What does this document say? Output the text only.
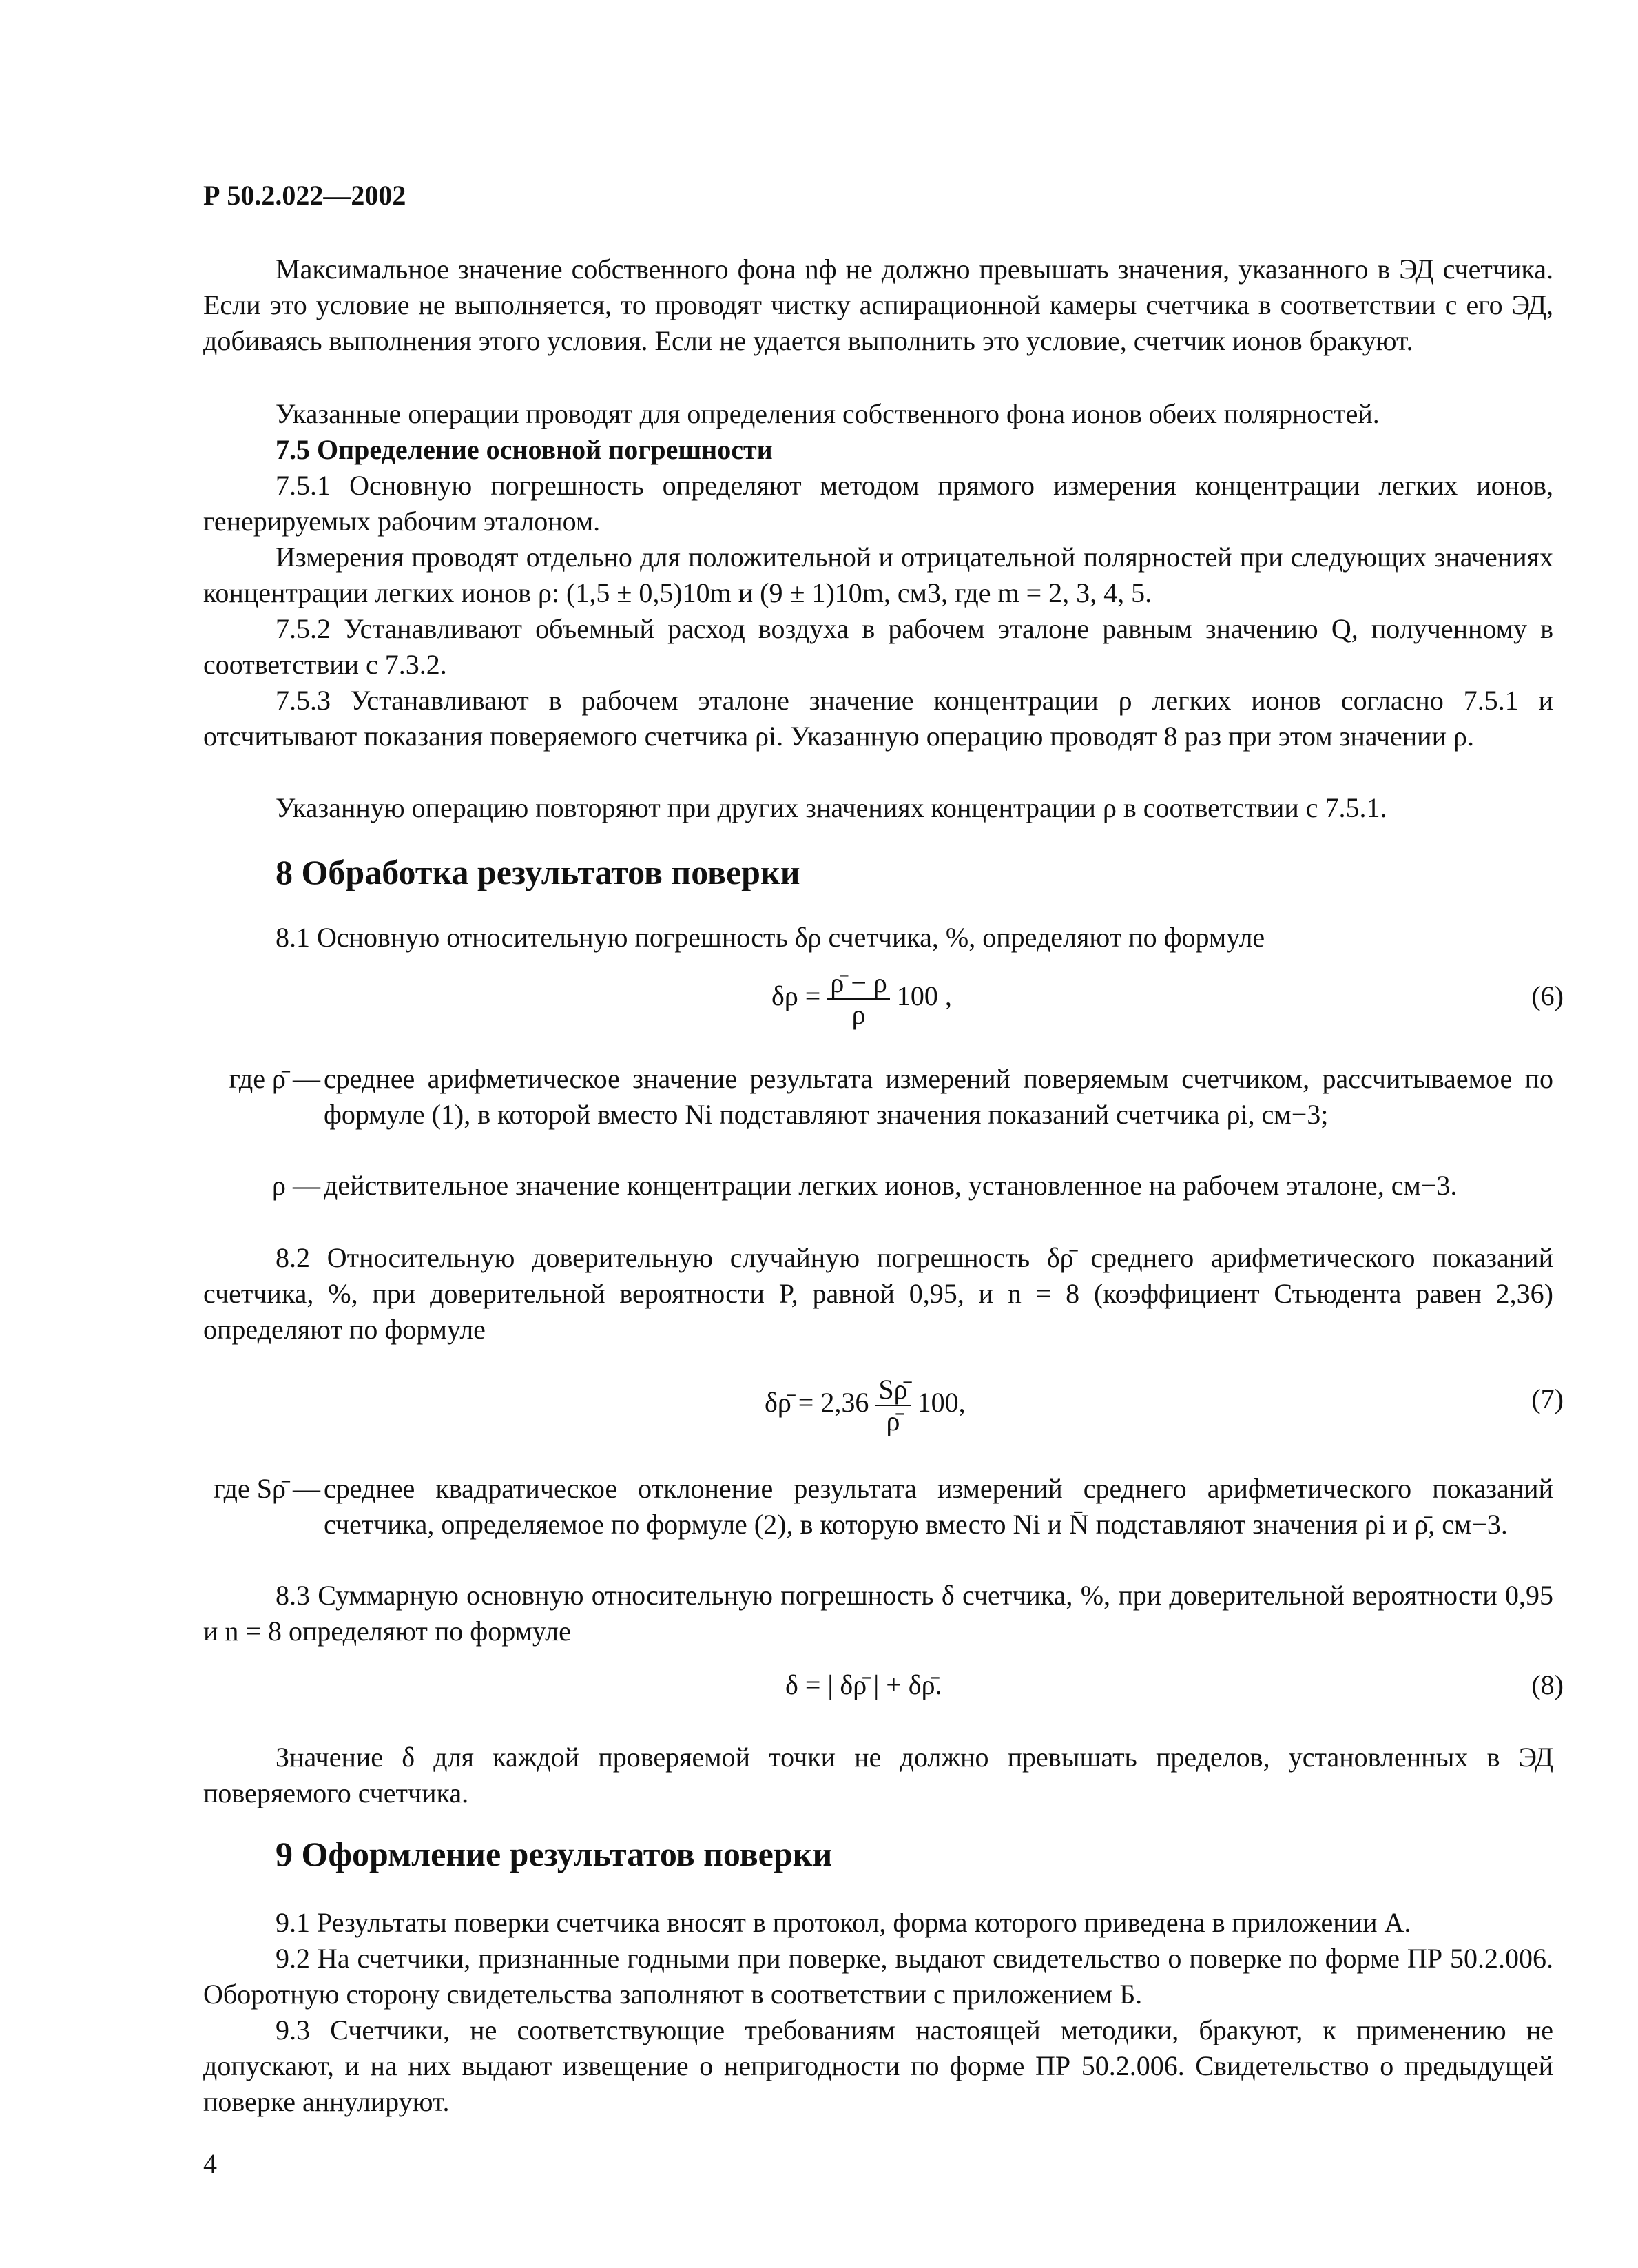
Р 50.2.022—2002

Максимальное значение собственного фона nф не должно превышать значения, указанного в ЭД счетчика. Если это условие не выполняется, то проводят чистку аспирационной камеры счетчика в соответствии с его ЭД, добиваясь выполнения этого условия. Если не удается выполнить это условие, счетчик ионов бракуют.

Указанные операции проводят для определения собственного фона ионов обеих полярностей.

7.5 Определение основной погрешности

7.5.1 Основную погрешность определяют методом прямого измерения концентрации легких ионов, генерируемых рабочим эталоном.

Измерения проводят отдельно для положительной и отрицательной полярностей при следующих значениях концентрации легких ионов ρ: (1,5 ± 0,5)10m и (9 ± 1)10m, см3, где m = 2, 3, 4, 5.

7.5.2 Устанавливают объемный расход воздуха в рабочем эталоне равным значению Q, полученному в соответствии с 7.3.2.

7.5.3 Устанавливают в рабочем эталоне значение концентрации ρ легких ионов согласно 7.5.1 и отсчитывают показания поверяемого счетчика ρi. Указанную операцию проводят 8 раз при этом значении ρ.

Указанную операцию повторяют при других значениях концентрации ρ в соответствии с 7.5.1.

8 Обработка результатов поверки

8.1 Основную относительную погрешность δρ счетчика, %, определяют по формуле

$\delta\rho = \frac{\rhō - \rho}{\rho} 100$ ,	(6)
где ρ̄ — среднее арифметическое значение результата измерений поверяемым счетчиком, рассчитываемое по формуле (1), в которой вместо Ni подставляют значения показаний счетчика ρi, см−3;
ρ — действительное значение концентрации легких ионов, установленное на рабочем эталоне, см−3.

8.2 Относительную доверительную случайную погрешность δρ̄ среднего арифметического показаний счетчика, %, при доверительной вероятности P, равной 0,95, и n = 8 (коэффициент Стьюдента равен 2,36) определяют по формуле

δρ̄ = $2,36 \frac{S\rhō}{\rhō} 100$,	(7)
где Sρ̄ — среднее квадратическое отклонение результата измерений среднего арифметического показаний счетчика, определяемое по формуле (2), в которую вместо Ni и N̄ подставляют значения ρi и ρ̄, см−3.

8.3 Суммарную основную относительную погрешность δ счетчика, %, при доверительной вероятности 0,95 и n = 8 определяют по формуле

δ = | δρ̄ | + δρ̄.	(8)

Значение δ для каждой проверяемой точки не должно превышать пределов, установленных в ЭД поверяемого счетчика.

9 Оформление результатов поверки

9.1 Результаты поверки счетчика вносят в протокол, форма которого приведена в приложении А.

9.2 На счетчики, признанные годными при поверке, выдают свидетельство о поверке по форме ПР 50.2.006. Оборотную сторону свидетельства заполняют в соответствии с приложением Б.

9.3 Счетчики, не соответствующие требованиям настоящей методики, бракуют, к применению не допускают, и на них выдают извещение о непригодности по форме ПР 50.2.006. Свидетельство о предыдущей поверке аннулируют.

4
